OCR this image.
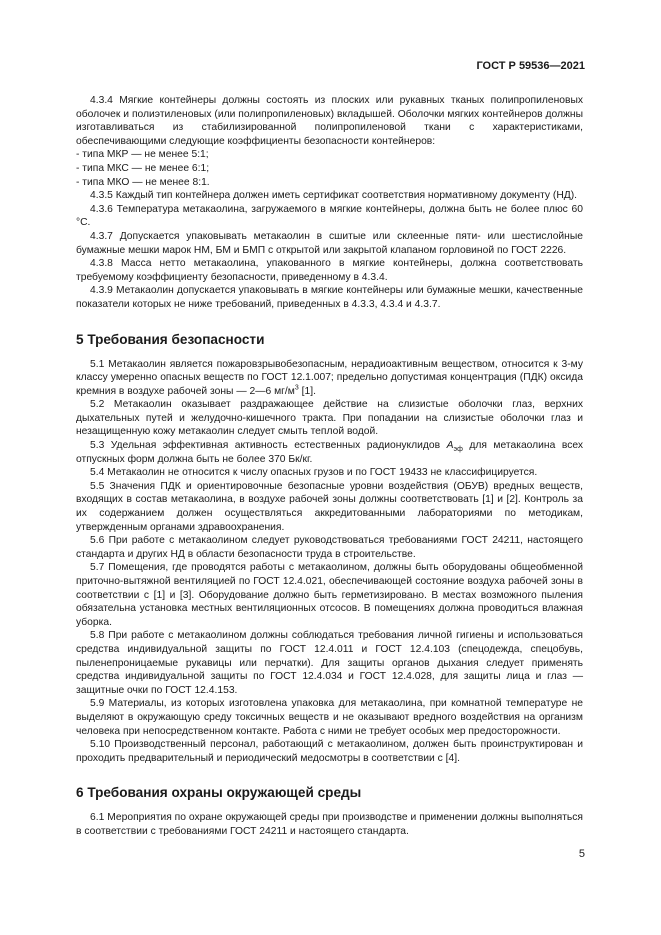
ГОСТ Р 59536—2021

4.3.4 Мягкие контейнеры должны состоять из плоских или рукавных тканых полипропиленовых оболочек и полиэтиленовых (или полипропиленовых) вкладышей. Оболочки мягких контейнеров должны изготавливаться из стабилизированной полипропиленовой ткани с характеристиками, обеспечивающими следующие коэффициенты безопасности контейнеров:

- типа МКР — не менее 5:1;

- типа МКС — не менее 6:1;

- типа МКО — не менее 8:1.

4.3.5 Каждый тип контейнера должен иметь сертификат соответствия нормативному документу (НД).

4.3.6 Температура метакаолина, загружаемого в мягкие контейнеры, должна быть не более плюс 60 °С.

4.3.7 Допускается упаковывать метакаолин в сшитые или склеенные пяти- или шестислойные бумажные мешки марок НМ, БМ и БМП с открытой или закрытой клапаном горловиной по ГОСТ 2226.

4.3.8 Масса нетто метакаолина, упакованного в мягкие контейнеры, должна соответствовать требуемому коэффициенту безопасности, приведенному в 4.3.4.

4.3.9 Метакаолин допускается упаковывать в мягкие контейнеры или бумажные мешки, качественные показатели которых не ниже требований, приведенных в 4.3.3, 4.3.4 и 4.3.7.

5 Требования безопасности

5.1 Метакаолин является пожаровзрывобезопасным, нерадиоактивным веществом, относится к 3-му классу умеренно опасных веществ по ГОСТ 12.1.007; предельно допустимая концентрация (ПДК) оксида кремния в воздухе рабочей зоны — 2—6 $мг/м^3$ [1].

5.2 Метакаолин оказывает раздражающее действие на слизистые оболочки глаз, верхних дыхательных путей и желудочно-кишечного тракта. При попадании на слизистые оболочки глаз и незащищенную кожу метакаолин следует смыть теплой водой.

5.3 Удельная эффективная активность естественных радионуклидов $А_{эф}$ для метакаолина всех отпускных форм должна быть не более 370 Бк/кг.

5.4 Метакаолин не относится к числу опасных грузов и по ГОСТ 19433 не классифицируется.

5.5 Значения ПДК и ориентировочные безопасные уровни воздействия (ОБУВ) вредных веществ, входящих в состав метакаолина, в воздухе рабочей зоны должны соответствовать [1] и [2]. Контроль за их содержанием должен осуществляться аккредитованными лабораториями по методикам, утвержденным органами здравоохранения.

5.6 При работе с метакаолином следует руководствоваться требованиями ГОСТ 24211, настоящего стандарта и других НД в области безопасности труда в строительстве.

5.7 Помещения, где проводятся работы с метакаолином, должны быть оборудованы общеобменной приточно-вытяжной вентиляцией по ГОСТ 12.4.021, обеспечивающей состояние воздуха рабочей зоны в соответствии с [1] и [3]. Оборудование должно быть герметизировано. В местах возможного пыления обязательна установка местных вентиляционных отсосов. В помещениях должна проводиться влажная уборка.

5.8 При работе с метакаолином должны соблюдаться требования личной гигиены и использоваться средства индивидуальной защиты по ГОСТ 12.4.011 и ГОСТ 12.4.103 (спецодежда, спецобувь, пыленепроницаемые рукавицы или перчатки). Для защиты органов дыхания следует применять средства индивидуальной защиты по ГОСТ 12.4.034 и ГОСТ 12.4.028, для защиты лица и глаз — защитные очки по ГОСТ 12.4.153.

5.9 Материалы, из которых изготовлена упаковка для метакаолина, при комнатной температуре не выделяют в окружающую среду токсичных веществ и не оказывают вредного воздействия на организм человека при непосредственном контакте. Работа с ними не требует особых мер предосторожности.

5.10 Производственный персонал, работающий с метакаолином, должен быть проинструктирован и проходить предварительный и периодический медосмотры в соответствии с [4].

6 Требования охраны окружающей среды

6.1 Мероприятия по охране окружающей среды при производстве и применении должны выполняться в соответствии с требованиями ГОСТ 24211 и настоящего стандарта.

5
